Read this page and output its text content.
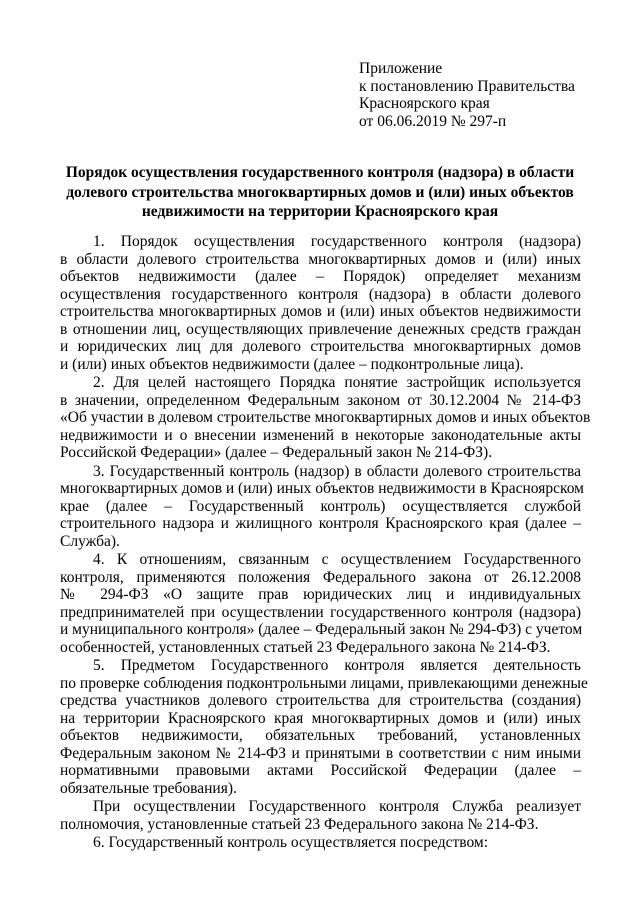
Приложение
к постановлению Правительства
Красноярского края
от 06.06.2019 № 297-п
Порядок осуществления государственного контроля (надзора) в области
долевого строительства многоквартирных домов и (или) иных объектов
недвижимости на территории Красноярского края
1. Порядок осуществления государственного контроля (надзора)
в области долевого строительства многоквартирных домов и (или) иных
объектов недвижимости (далее – Порядок) определяет механизм
осуществления государственного контроля (надзора) в области долевого
строительства многоквартирных домов и (или) иных объектов недвижимости
в отношении лиц, осуществляющих привлечение денежных средств граждан
и юридических лиц для долевого строительства многоквартирных домов
и (или) иных объектов недвижимости (далее – подконтрольные лица).
2. Для целей настоящего Порядка понятие застройщик используется
в значении, определенном Федеральным законом от 30.12.2004 № 214-ФЗ
«Об участии в долевом строительстве многоквартирных домов и иных объектов
недвижимости и о внесении изменений в некоторые законодательные акты
Российской Федерации» (далее – Федеральный закон № 214-ФЗ).
3. Государственный контроль (надзор) в области долевого строительства
многоквартирных домов и (или) иных объектов недвижимости в Красноярском
крае (далее – Государственный контроль) осуществляется службой
строительного надзора и жилищного контроля Красноярского края (далее –
Служба).
4. К отношениям, связанным с осуществлением Государственного
контроля, применяются положения Федерального закона от 26.12.2008
№ 294-ФЗ «О защите прав юридических лиц и индивидуальных
предпринимателей при осуществлении государственного контроля (надзора)
и муниципального контроля» (далее – Федеральный закон № 294-ФЗ) с учетом
особенностей, установленных статьей 23 Федерального закона № 214-ФЗ.
5. Предметом Государственного контроля является деятельность
по проверке соблюдения подконтрольными лицами, привлекающими денежные
средства участников долевого строительства для строительства (создания)
на территории Красноярского края многоквартирных домов и (или) иных
объектов недвижимости, обязательных требований, установленных
Федеральным законом № 214-ФЗ и принятыми в соответствии с ним иными
нормативными правовыми актами Российской Федерации (далее –
обязательные требования).
При осуществлении Государственного контроля Служба реализует
полномочия, установленные статьей 23 Федерального закона № 214-ФЗ.
6. Государственный контроль осуществляется посредством:
